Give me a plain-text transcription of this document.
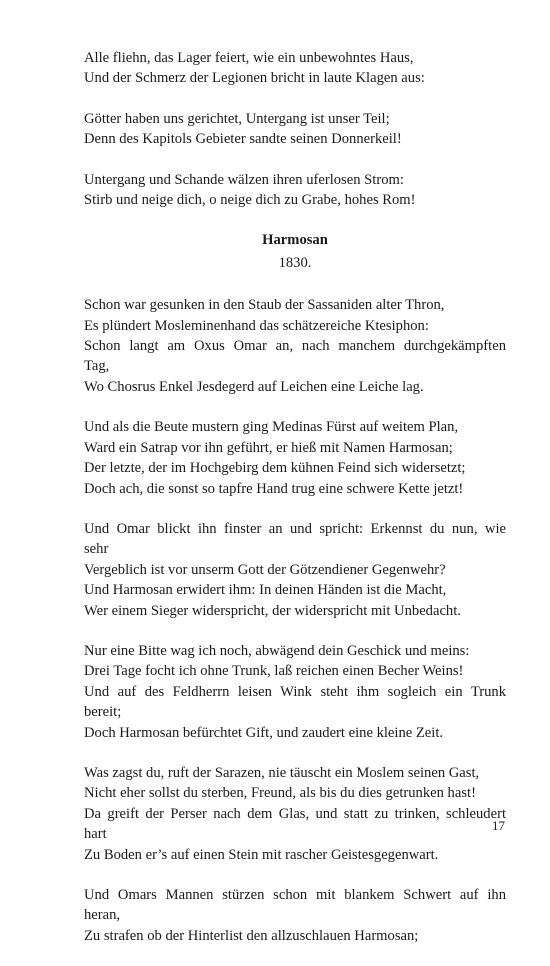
Alle fliehn, das Lager feiert, wie ein unbewohntes Haus,
Und der Schmerz der Legionen bricht in laute Klagen aus:
Götter haben uns gerichtet, Untergang ist unser Teil;
Denn des Kapitols Gebieter sandte seinen Donnerkeil!
Untergang und Schande wälzen ihren uferlosen Strom:
Stirb und neige dich, o neige dich zu Grabe, hohes Rom!
Harmosan
1830.
Schon war gesunken in den Staub der Sassaniden alter Thron,
Es plündert Mosleminenhand das schätzereiche Ktesiphon:
Schon langt am Oxus Omar an, nach manchem durchgekämpften
Tag,
Wo Chosrus Enkel Jesdegerd auf Leichen eine Leiche lag.
Und als die Beute mustern ging Medinas Fürst auf weitem Plan,
Ward ein Satrap vor ihn geführt, er hieß mit Namen Harmosan;
Der letzte, der im Hochgebirg dem kühnen Feind sich widersetzt;
Doch ach, die sonst so tapfre Hand trug eine schwere Kette jetzt!
Und Omar blickt ihn finster an und spricht: Erkennst du nun, wie
sehr
Vergeblich ist vor unserm Gott der Götzendiener Gegenwehr?
Und Harmosan erwidert ihm: In deinen Händen ist die Macht,
Wer einem Sieger widerspricht, der widerspricht mit Unbedacht.
Nur eine Bitte wag ich noch, abwägend dein Geschick und meins:
Drei Tage focht ich ohne Trunk, laß reichen einen Becher Weins!
Und auf des Feldherrn leisen Wink steht ihm sogleich ein Trunk
bereit;
Doch Harmosan befürchtet Gift, und zaudert eine kleine Zeit.
Was zagst du, ruft der Sarazen, nie täuscht ein Moslem seinen Gast,
Nicht eher sollst du sterben, Freund, als bis du dies getrunken hast!
Da greift der Perser nach dem Glas, und statt zu trinken, schleudert
hart
Zu Boden er’s auf einen Stein mit rascher Geistesgegenwart.
Und Omars Mannen stürzen schon mit blankem Schwert auf ihn
heran,
Zu strafen ob der Hinterlist den allzuschlauen Harmosan;
17
